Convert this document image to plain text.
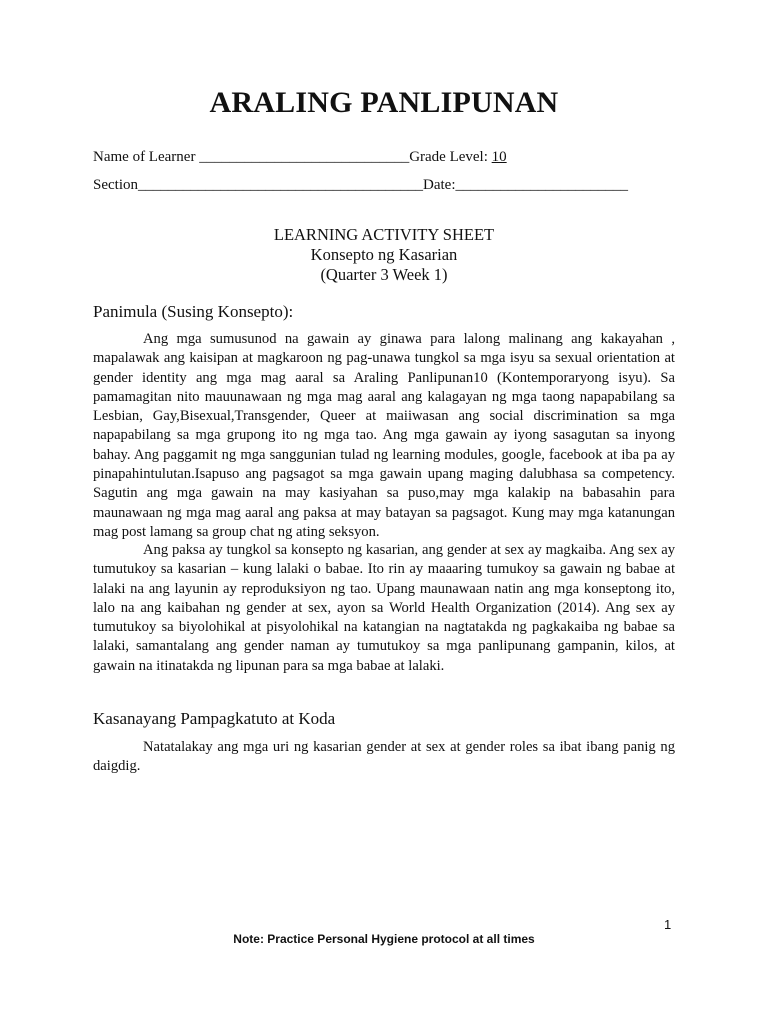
ARALING PANLIPUNAN
Name of Learner ____________________________Grade Level: 10
Section______________________________________Date:_______________________
LEARNING ACTIVITY SHEET
Konsepto ng Kasarian
(Quarter 3 Week 1)
Panimula (Susing Konsepto):

Ang mga sumusunod na gawain ay ginawa para lalong malinang ang kakayahan , mapalawak ang kaisipan at magkaroon ng pag-unawa tungkol sa mga isyu sa sexual orientation at gender identity ang mga mag aaral sa Araling Panlipunan10 (Kontemporaryong isyu). Sa pamamagitan nito mauunawaan ng mga mag aaral ang kalagayan ng mga taong napapabilang sa Lesbian, Gay,Bisexual,Transgender, Queer at maiiwasan ang social discrimination sa mga napapabilang sa mga grupong ito ng mga tao. Ang mga gawain ay iyong sasagutan sa inyong bahay. Ang paggamit ng mga sanggunian tulad ng learning modules, google, facebook at iba pa ay pinapahintulutan.Isapuso ang pagsagot sa mga gawain upang maging dalubhasa sa competency. Sagutin ang mga gawain na may kasiyahan sa puso,may mga kalakip na babasahin para maunawaan ng mga mag aaral ang paksa at may batayan sa pagsagot. Kung may mga katanungan mag post lamang sa group chat ng ating seksyon.

Ang paksa ay tungkol sa konsepto ng kasarian, ang gender at sex ay magkaiba. Ang sex ay tumutukoy sa kasarian – kung lalaki o babae. Ito rin ay maaaring tumukoy sa gawain ng babae at lalaki na ang layunin ay reproduksiyon ng tao. Upang maunawaan natin ang mga konseptong ito, lalo na ang kaibahan ng gender at sex, ayon sa World Health Organization (2014). Ang sex ay tumutukoy sa biyolohikal at pisyolohikal na katangian na nagtatakda ng pagkakaiba ng babae sa lalaki, samantalang ang gender naman ay tumutukoy sa mga panlipunang gampanin, kilos, at gawain na itinatakda ng lipunan para sa mga babae at lalaki.

Kasanayang Pampagkatuto at Koda

Natatalakay ang mga uri ng kasarian gender at sex at gender roles sa ibat ibang panig ng daigdig.

1
Note: Practice Personal Hygiene protocol at all times
